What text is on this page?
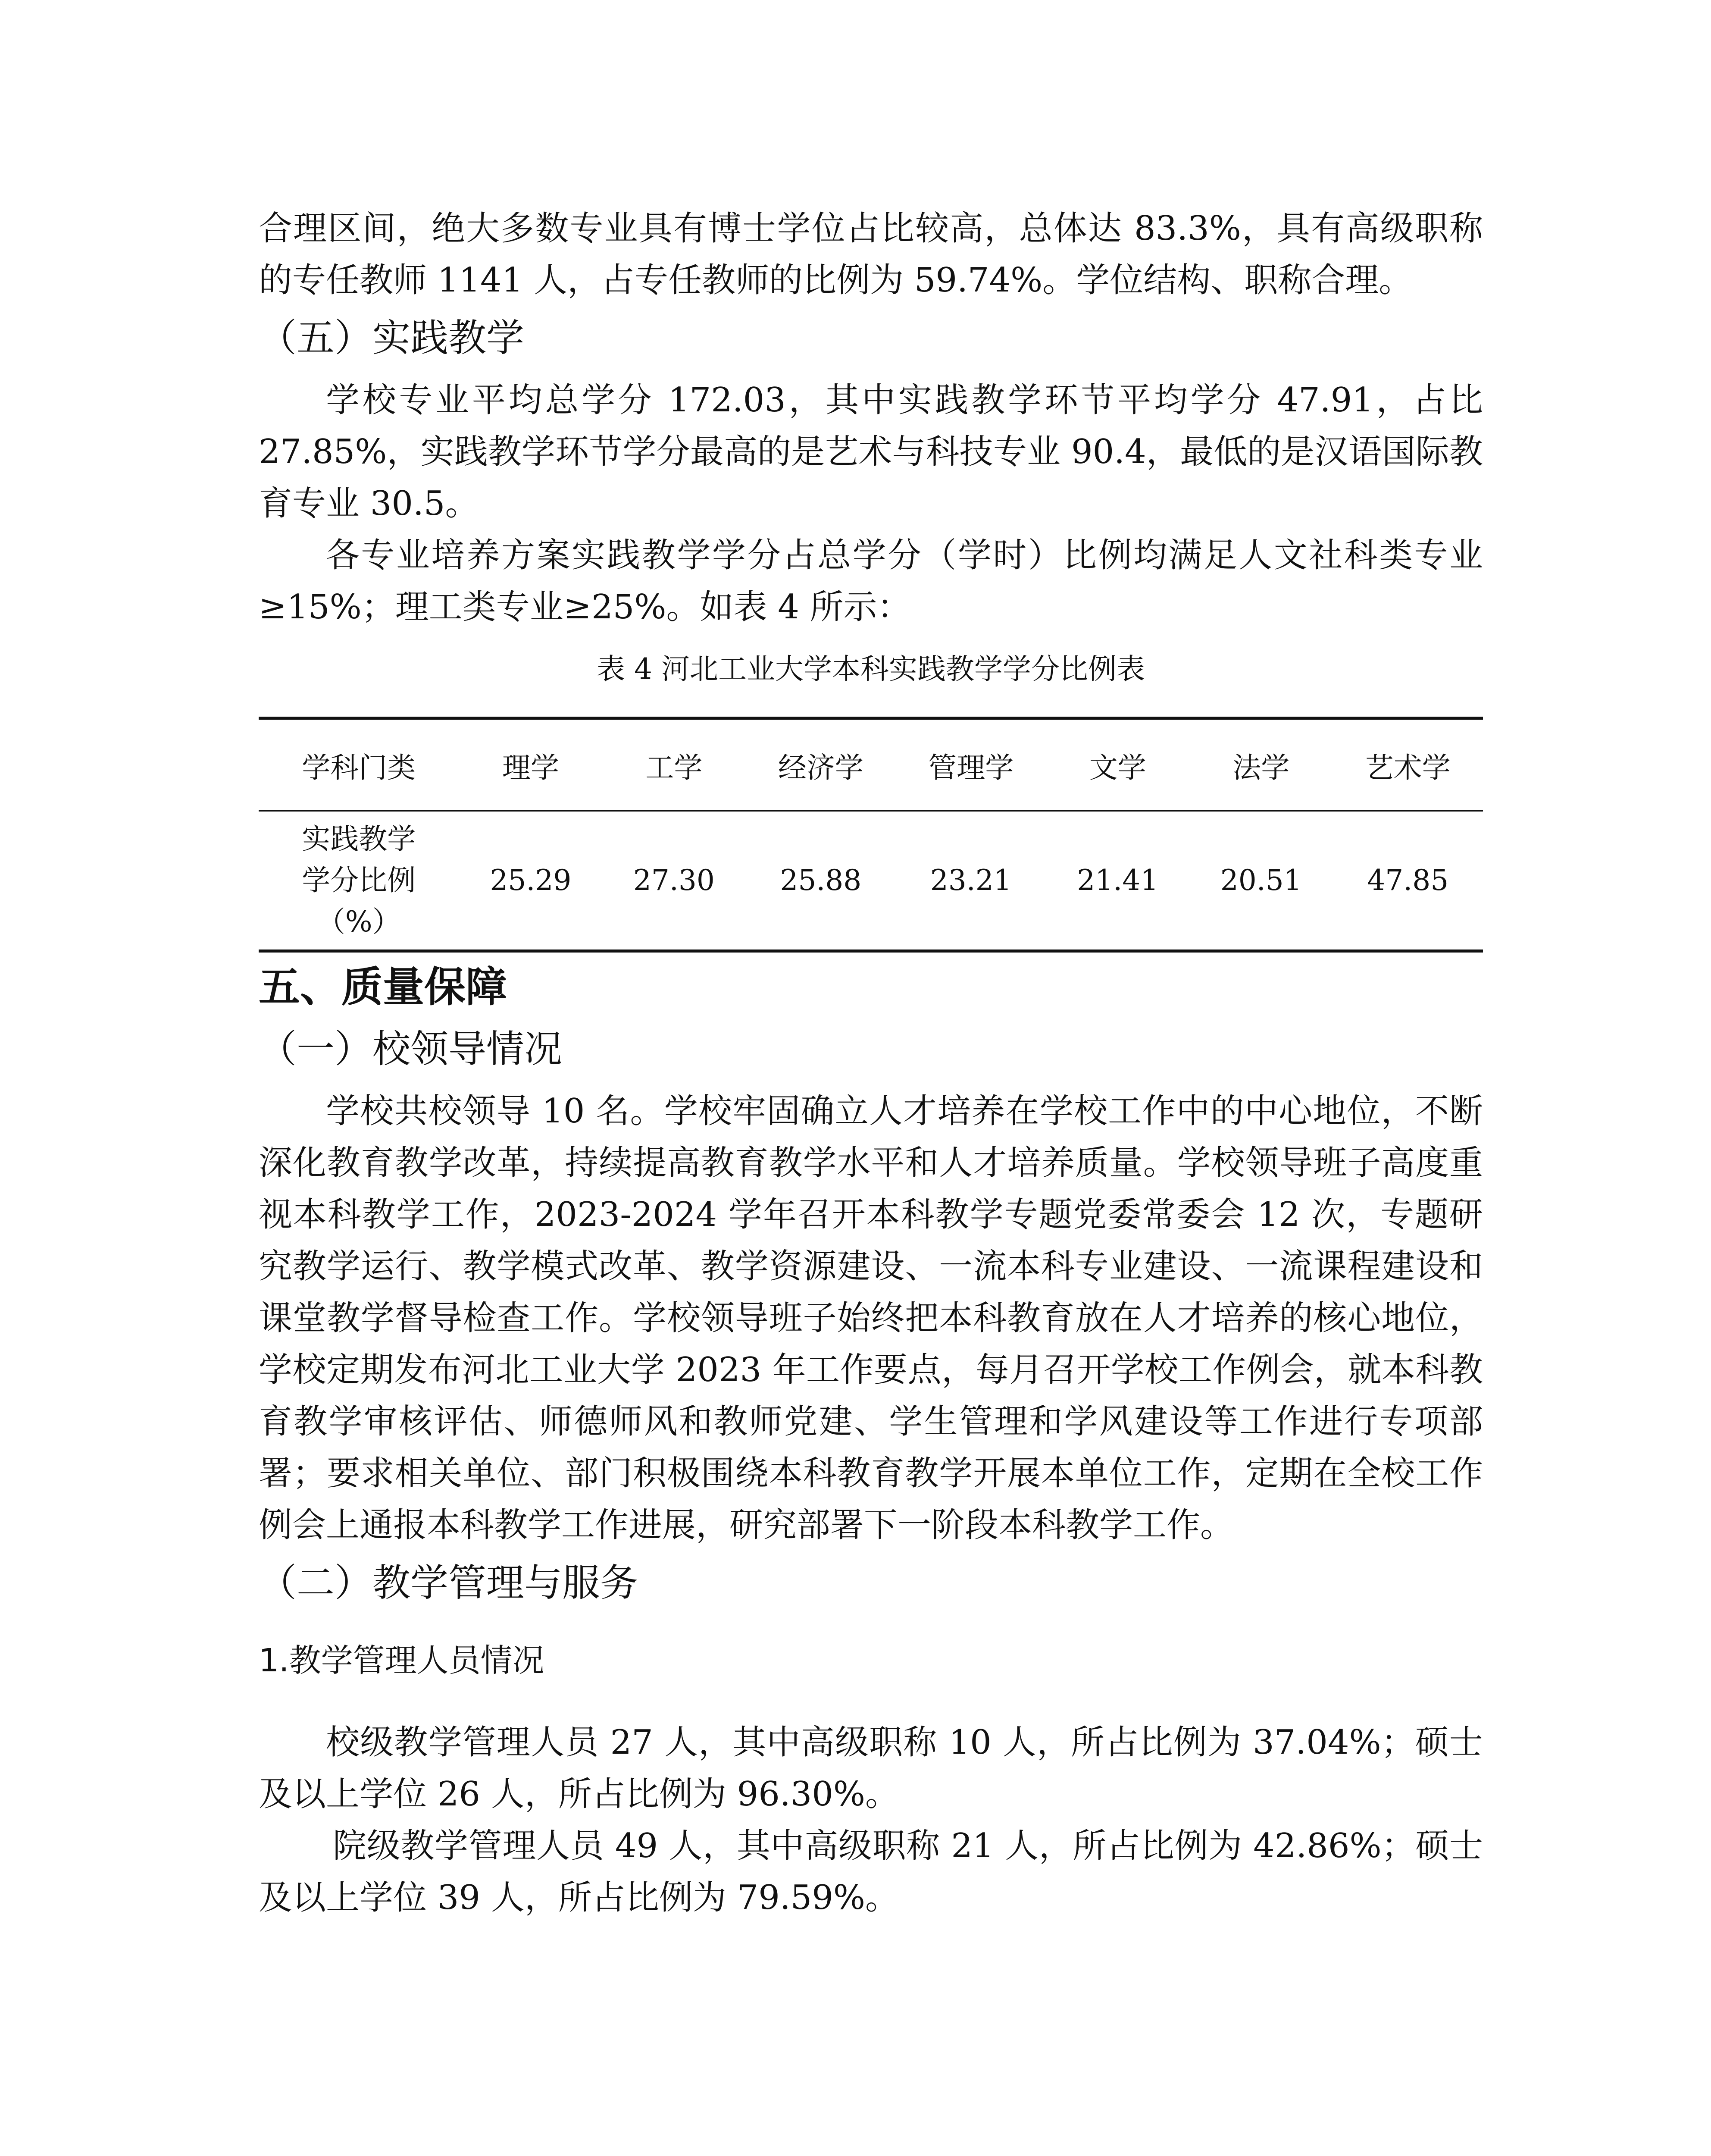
合理区间，绝大多数专业具有博士学位占比较高，总体达 83.3%，具有高级职称的专任教师 1141 人，占专任教师的比例为 59.74%。学位结构、职称合理。

（五）实践教学

学校专业平均总学分 172.03，其中实践教学环节平均学分 47.91，占比 27.85%，实践教学环节学分最高的是艺术与科技专业 90.4，最低的是汉语国际教育专业 30.5。

各专业培养方案实践教学学分占总学分（学时）比例均满足人文社科类专业≥15%；理工类专业≥25%。如表 4 所示：

表 4 河北工业大学本科实践教学学分比例表
学科门类	理学	工学	经济学	管理学	文学	法学	艺术学
实践教学
学分比例
（%）	25.29	27.30	25.88	23.21	21.41	20.51	47.85
五、质量保障
（一）校领导情况

学校共校领导 10 名。学校牢固确立人才培养在学校工作中的中心地位，不断深化教育教学改革，持续提高教育教学水平和人才培养质量。学校领导班子高度重视本科教学工作，2023-2024 学年召开本科教学专题党委常委会 12 次，专题研究教学运行、教学模式改革、教学资源建设、一流本科专业建设、一流课程建设和课堂教学督导检查工作。学校领导班子始终把本科教育放在人才培养的核心地位，学校定期发布河北工业大学 2023 年工作要点，每月召开学校工作例会，就本科教育教学审核评估、师德师风和教师党建、学生管理和学风建设等工作进行专项部署；要求相关单位、部门积极围绕本科教育教学开展本单位工作，定期在全校工作例会上通报本科教学工作进展，研究部署下一阶段本科教学工作。

（二）教学管理与服务
1.教学管理人员情况

校级教学管理人员 27 人，其中高级职称 10 人，所占比例为 37.04%；硕士及以上学位 26 人，所占比例为 96.30%。

院级教学管理人员 49 人，其中高级职称 21 人，所占比例为 42.86%；硕士及以上学位 39 人，所占比例为 79.59%。
